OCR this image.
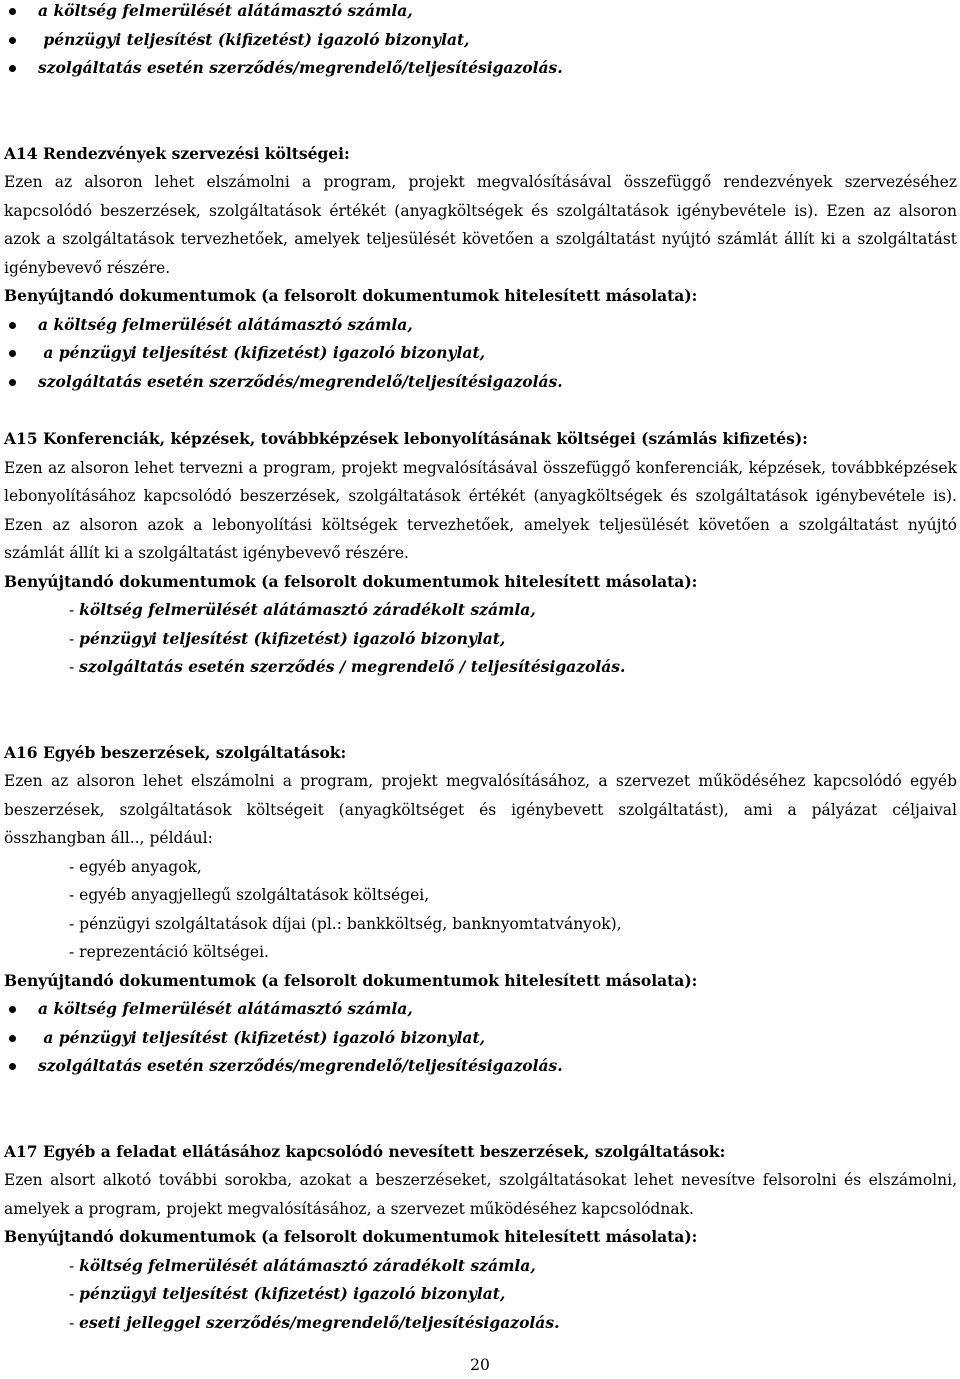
a költség felmerülését alátámasztó számla,
pénzügyi teljesítést (kifizetést) igazoló bizonylat,
szolgáltatás esetén szerződés/megrendelő/teljesítésigazolás.
A14 Rendezvények szervezési költségei:
Ezen az alsoron lehet elszámolni a program, projekt megvalósításával összefüggő rendezvények szervezéséhez kapcsolódó beszerzések, szolgáltatások értékét (anyagköltségek és szolgáltatások igénybevétele is). Ezen az alsoron azok a szolgáltatások tervezhetőek, amelyek teljesülését követően a szolgáltatást nyújtó számlát állít ki a szolgáltatást igénybevevő részére.
Benyújtandó dokumentumok (a felsorolt dokumentumok hitelesített másolata):
a költség felmerülését alátámasztó számla,
a pénzügyi teljesítést (kifizetést) igazoló bizonylat,
szolgáltatás esetén szerződés/megrendelő/teljesítésigazolás.
A15 Konferenciák, képzések, továbbképzések lebonyolításának költségei (számlás kifizetés):
Ezen az alsoron lehet tervezni a program, projekt megvalósításával összefüggő konferenciák, képzések, továbbképzések lebonyolításához kapcsolódó beszerzések, szolgáltatások értékét (anyagköltségek és szolgáltatások igénybevétele is). Ezen az alsoron azok a lebonyolítási költségek tervezhetőek, amelyek teljesülését követően a szolgáltatást nyújtó számlát állít ki a szolgáltatást igénybevevő részére.
Benyújtandó dokumentumok (a felsorolt dokumentumok hitelesített másolata):
- költség felmerülését alátámasztó záradékolt számla,
- pénzügyi teljesítést (kifizetést) igazoló bizonylat,
- szolgáltatás esetén szerződés / megrendelő / teljesítésigazolás.
A16 Egyéb beszerzések, szolgáltatások:
Ezen az alsoron lehet elszámolni a program, projekt megvalósításához, a szervezet működéséhez kapcsolódó egyéb beszerzések, szolgáltatások költségeit (anyagköltséget és igénybevett szolgáltatást), ami a pályázat céljaival összhangban áll.., például:
- egyéb anyagok,
- egyéb anyagjellegű szolgáltatások költségei,
- pénzügyi szolgáltatások díjai (pl.: bankköltség, banknyomtatványok),
- reprezentáció költségei.
Benyújtandó dokumentumok (a felsorolt dokumentumok hitelesített másolata):
a költség felmerülését alátámasztó számla,
a pénzügyi teljesítést (kifizetést) igazoló bizonylat,
szolgáltatás esetén szerződés/megrendelő/teljesítésigazolás.
A17 Egyéb a feladat ellátásához kapcsolódó nevesített beszerzések, szolgáltatások:
Ezen alsort alkotó további sorokba, azokat a beszerzéseket, szolgáltatásokat lehet nevesítve felsorolni és elszámolni, amelyek a program, projekt megvalósításához, a szervezet működéséhez kapcsolódnak.
Benyújtandó dokumentumok (a felsorolt dokumentumok hitelesített másolata):
- költség felmerülését alátámasztó záradékolt számla,
- pénzügyi teljesítést (kifizetést) igazoló bizonylat,
- eseti jelleggel szerződés/megrendelő/teljesítésigazolás.
20
